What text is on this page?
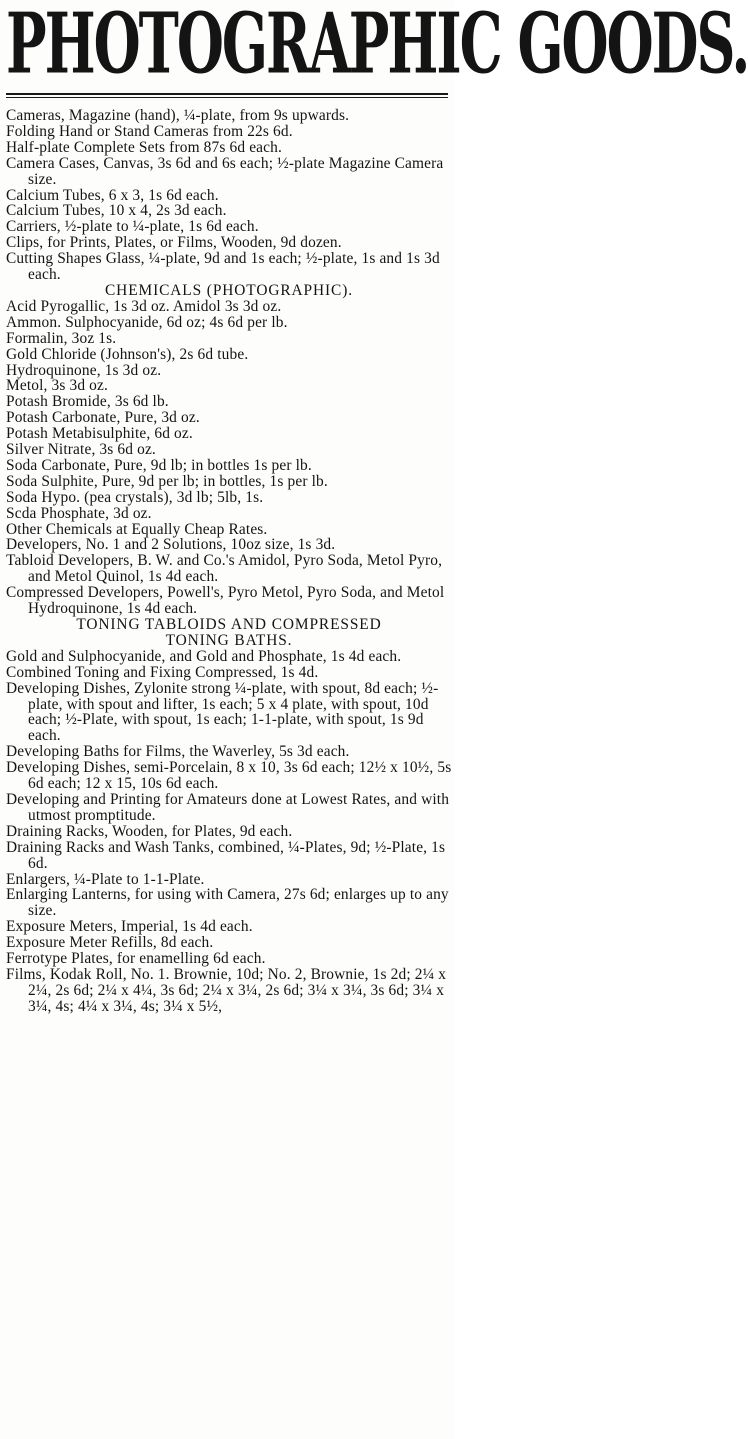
PHOTOGRAPHIC GOODS.

Cameras, Magazine (hand), ¼-plate, from 9s upwards.

Folding Hand or Stand Cameras from 22s 6d.

Half-plate Complete Sets from 87s 6d each.

Camera Cases, Canvas, 3s 6d and 6s each; ½-plate Magazine Camera size.

Calcium Tubes, 6 x 3, 1s 6d each.

Calcium Tubes, 10 x 4, 2s 3d each.

Carriers, ½-plate to ¼-plate, 1s 6d each.

Clips, for Prints, Plates, or Films, Wooden, 9d dozen.

Cutting Shapes Glass, ¼-plate, 9d and 1s each; ½-plate, 1s and 1s 3d each.

CHEMICALS (PHOTOGRAPHIC).

Acid Pyrogallic, 1s 3d oz. Amidol 3s 3d oz.

Ammon. Sulphocyanide, 6d oz; 4s 6d per lb.

Formalin, 3oz 1s.

Gold Chloride (Johnson's), 2s 6d tube.

Hydroquinone, 1s 3d oz.

Metol, 3s 3d oz.

Potash Bromide, 3s 6d lb.

Potash Carbonate, Pure, 3d oz.

Potash Metabisulphite, 6d oz.

Silver Nitrate, 3s 6d oz.

Soda Carbonate, Pure, 9d lb; in bottles 1s per lb.

Soda Sulphite, Pure, 9d per lb; in bottles, 1s per lb.

Soda Hypo. (pea crystals), 3d lb; 5lb, 1s.

Scda Phosphate, 3d oz.

Other Chemicals at Equally Cheap Rates.

Developers, No. 1 and 2 Solutions, 10oz size, 1s 3d.

Tabloid Developers, B. W. and Co.'s Amidol, Pyro Soda, Metol Pyro, and Metol Quinol, 1s 4d each.

Compressed Developers, Powell's, Pyro Metol, Pyro Soda, and Metol Hydroquinone, 1s 4d each.

TONING TABLOIDS AND COMPRESSED

TONING BATHS.

Gold and Sulphocyanide, and Gold and Phosphate, 1s 4d each.

Combined Toning and Fixing Compressed, 1s 4d.

Developing Dishes, Zylonite strong ¼-plate, with spout, 8d each; ½-plate, with spout and lifter, 1s each; 5 x 4 plate, with spout, 10d each; ½-Plate, with spout, 1s each; 1-1-plate, with spout, 1s 9d each.

Developing Baths for Films, the Waverley, 5s 3d each.

Developing Dishes, semi-Porcelain, 8 x 10, 3s 6d each; 12½ x 10½, 5s 6d each; 12 x 15, 10s 6d each.

Developing and Printing for Amateurs done at Lowest Rates, and with utmost promptitude.

Draining Racks, Wooden, for Plates, 9d each.

Draining Racks and Wash Tanks, combined, ¼-Plates, 9d; ½-Plate, 1s 6d.

Enlargers, ¼-Plate to 1-1-Plate.

Enlarging Lanterns, for using with Camera, 27s 6d; enlarges up to any size.

Exposure Meters, Imperial, 1s 4d each.

Exposure Meter Refills, 8d each.

Ferrotype Plates, for enamelling 6d each.

Films, Kodak Roll, No. 1. Brownie, 10d; No. 2, Brownie, 1s 2d; 2¼ x 2¼, 2s 6d; 2¼ x 4¼, 3s 6d; 2¼ x 3¼, 2s 6d; 3¼ x 3¼, 3s 6d; 3¼ x 3¼, 4s; 4¼ x 3¼, 4s; 3¼ x 5½,
